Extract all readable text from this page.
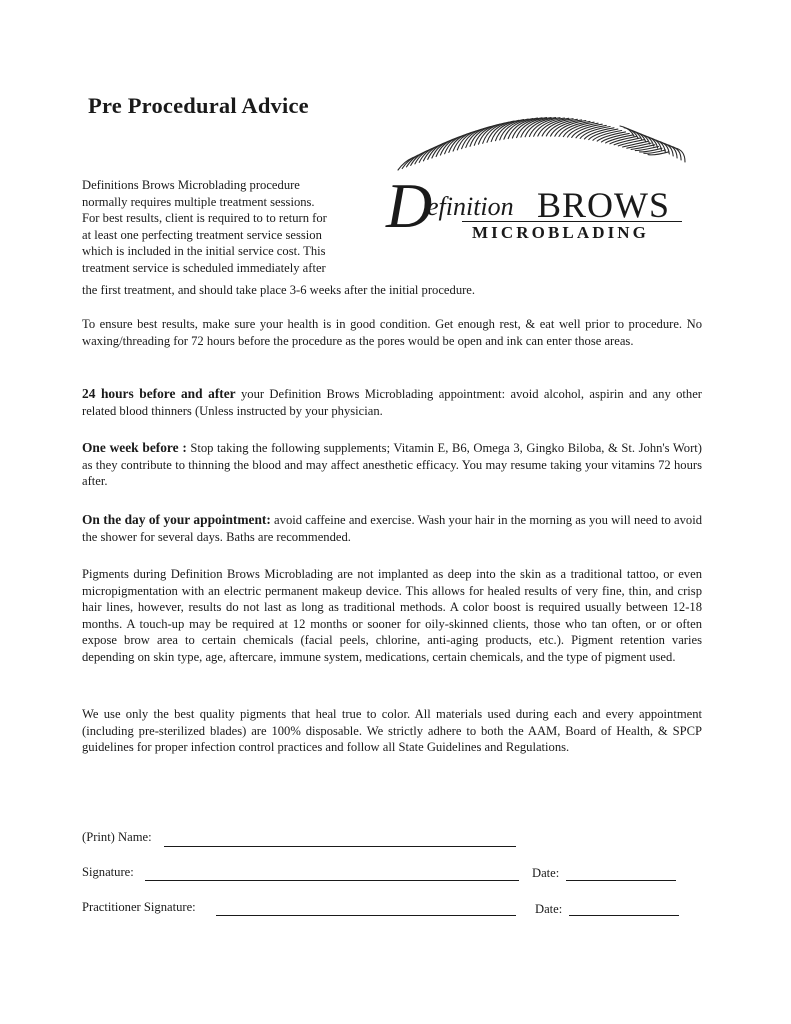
Pre Procedural Advice
D
efinition BROWS
MICROBLADING
Definitions Brows Microblading procedure
normally requires multiple treatment sessions.
For best results, client is required to to return for
at least one perfecting treatment service session
which is included in the initial service cost. This
treatment service is scheduled immediately after
the first treatment, and should take place 3-6 weeks after the initial procedure.

To ensure best results, make sure your health is in good condition. Get enough rest, & eat well prior to procedure. No waxing/threading for 72 hours before the procedure as the pores would be open and ink can enter those areas.

24 hours before and after your Definition Brows Microblading appointment: avoid alcohol, aspirin and any other related blood thinners (Unless instructed by your physician.

One week before : Stop taking the following supplements; Vitamin E, B6, Omega 3, Gingko Biloba, & St. John's Wort) as they contribute to thinning the blood and may affect anesthetic efficacy. You may resume taking your vitamins 72 hours after.

On the day of your appointment: avoid caffeine and exercise. Wash your hair in the morning as you will need to avoid the shower for several days. Baths are recommended.

Pigments during Definition Brows Microblading are not implanted as deep into the skin as a traditional tattoo, or even micropigmentation with an electric permanent makeup device. This allows for healed results of very fine, thin, and crisp hair lines, however, results do not last as long as traditional methods. A color boost is required usually between 12-18 months. A touch-up may be required at 12 months or sooner for oily-skinned clients, those who tan often, or or often expose brow area to certain chemicals (facial peels, chlorine, anti-aging products, etc.). Pigment retention varies depending on skin type, age, aftercare, immune system, medications, certain chemicals, and the type of pigment used.

We use only the best quality pigments that heal true to color. All materials used during each and every appointment (including pre-sterilized blades) are 100% disposable. We strictly adhere to both the AAM, Board of Health, & SPCP guidelines for proper infection control practices and follow all State Guidelines and Regulations.

(Print) Name:
Signature:	Date:
Practitioner Signature:	Date:
